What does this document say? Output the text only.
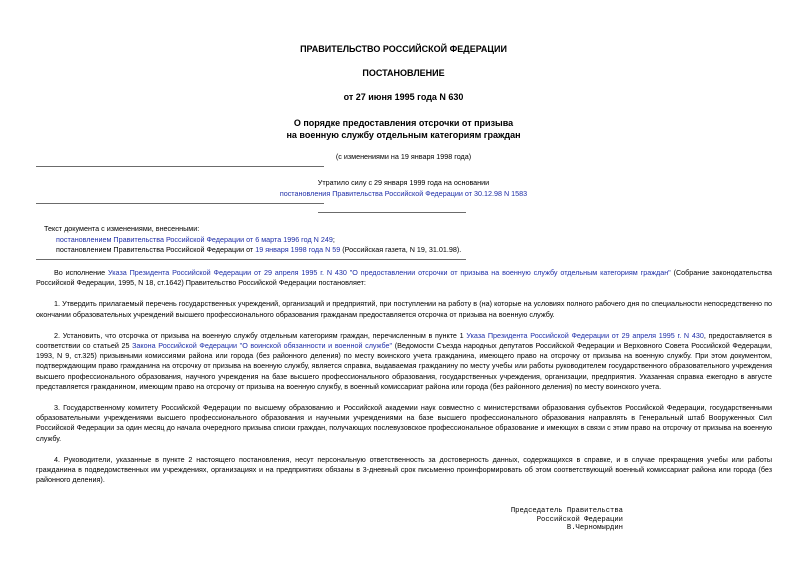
ПРАВИТЕЛЬСТВО РОССИЙСКОЙ ФЕДЕРАЦИИ
ПОСТАНОВЛЕНИЕ
от 27 июня 1995 года N 630
О порядке предоставления отсрочки от призыва
на военную службу отдельным категориям граждан
(с изменениями на 19 января 1998 года)
Утратило силу с 29 января 1999 года на основании
постановления Правительства Российской Федерации от 30.12.98 N 1583
Текст документа с изменениями, внесенными:
постановлением Правительства Российской Федерации от 6 марта 1996 год N 249;
постановлением Правительства Российской Федерации от 19 января 1998 года N 59 (Российская газета, N 19, 31.01.98).

Во исполнение Указа Президента Российской Федерации от 29 апреля 1995 г. N 430 "О предоставлении отсрочки от призыва на военную службу отдельным категориям граждан" (Собрание законодательства Российской Федерации, 1995, N 18, ст.1642) Правительство Российской Федерации постановляет:

1. Утвердить прилагаемый перечень государственных учреждений, организаций и предприятий, при поступлении на работу в (на) которые на условиях полного рабочего дня по специальности непосредственно по окончании образовательных учреждений высшего профессионального образования гражданам предоставляется отсрочка от призыва на военную службу.

2. Установить, что отсрочка от призыва на военную службу отдельным категориям граждан, перечисленным в пункте 1 Указа Президента Российской Федерации от 29 апреля 1995 г. N 430, предоставляется в соответствии со статьей 25 Закона Российской Федерации "О воинской обязанности и военной службе" (Ведомости Съезда народных депутатов Российской Федерации и Верховного Совета Российской Федерации, 1993, N 9, ст.325) призывными комиссиями района или города (без районного деления) по месту воинского учета гражданина, имеющего право на отсрочку от призыва на военную службу. При этом документом, подтверждающим право гражданина на отсрочку от призыва на военную службу, является справка, выдаваемая гражданину по месту учебы или работы руководителем государственного образовательного учреждения высшего профессионального образования, научного учреждения на базе высшего профессионального образования, государственных учреждения, организации, предприятия. Указанная справка ежегодно в августе представляется гражданином, имеющим право на отсрочку от призыва на военную службу, в военный комиссариат района или города (без районного деления) по месту воинского учета.

3. Государственному комитету Российской Федерации по высшему образованию и Российской академии наук совместно с министерствами образования субъектов Российской Федерации, государственными образовательными учреждениями высшего профессионального образования и научными учреждениями на базе высшего профессионального образования направлять в Генеральный штаб Вооруженных Сил Российской Федерации за один месяц до начала очередного призыва списки граждан, получающих послевузовское профессиональное образование и имеющих в связи с этим право на отсрочку от призыва на военную службу.

4. Руководители, указанные в пункте 2 настоящего постановления, несут персональную ответственность за достоверность данных, содержащихся в справке, и в случае прекращения учебы или работы гражданина в подведомственных им учреждениях, организациях и на предприятиях обязаны в 3-дневный срок письменно проинформировать об этом соответствующий военный комиссариат района или города (без районного деления).

Председатель Правительства
Российской Федерации
В.Черномырдин
